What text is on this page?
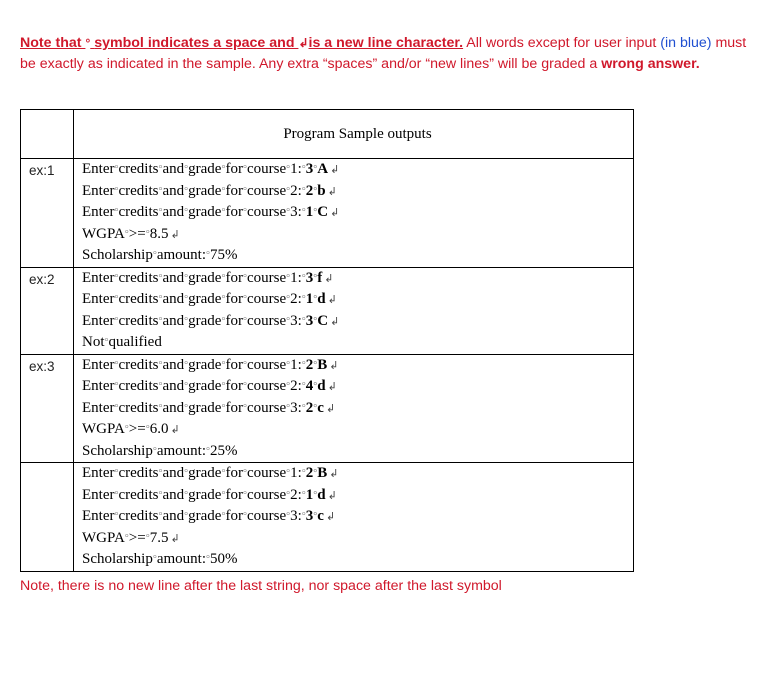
Note that ° symbol indicates a space and ↲is a new line character. All words except for user input (in blue) must be exactly as indicated in the sample. Any extra “spaces” and/or “new lines” will be graded a wrong answer.
	Program Sample outputs
ex:1	Enter°credits°and°grade°for°course°1:°3°A ↲
Enter°credits°and°grade°for°course°2:°2°b ↲
Enter°credits°and°grade°for°course°3:°1°C ↲
WGPA°>=°8.5 ↲
Scholarship°amount:°75%

ex:2	Enter°credits°and°grade°for°course°1:°3°f ↲
Enter°credits°and°grade°for°course°2:°1°d ↲
Enter°credits°and°grade°for°course°3:°3°C ↲
Not°qualified

ex:3	Enter°credits°and°grade°for°course°1:°2°B ↲
Enter°credits°and°grade°for°course°2:°4°d ↲
Enter°credits°and°grade°for°course°3:°2°c ↲
WGPA°>=°6.0 ↲
Scholarship°amount:°25%

	Enter°credits°and°grade°for°course°1:°2°B ↲
Enter°credits°and°grade°for°course°2:°1°d ↲
Enter°credits°and°grade°for°course°3:°3°c ↲
WGPA°>=°7.5 ↲
Scholarship°amount:°50%
Note, there is no new line after the last string, nor space after the last symbol
